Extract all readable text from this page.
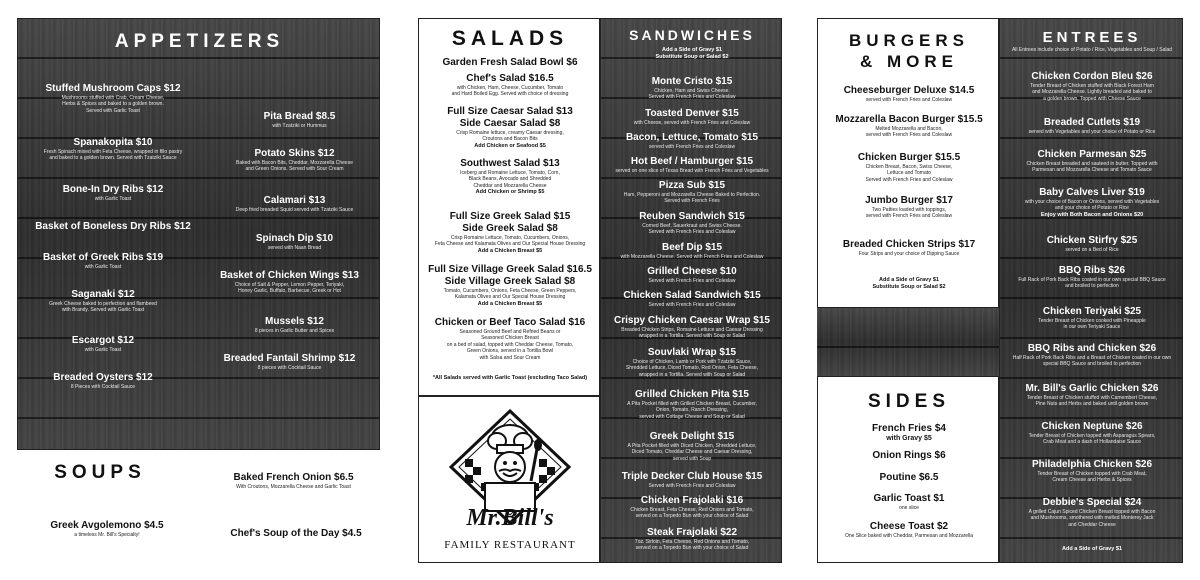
APPETIZERS
Stuffed Mushroom Caps $12
Mushrooms stuffed with Crab, Cream Cheese,
Herbs & Spices and baked to a golden brown.
Served with Garlic Toast
Spanakopita $10
Fresh Spinach mixed with Feta Cheese, wrapped in fillo pastry
and baked to a golden brown. Served with Tzatziki Sauce
Bone-In Dry Ribs $12
with Garlic Toast
Basket of Boneless Dry Ribs $12
Basket of Greek Ribs $19
with Garlic Toast
Saganaki $12
Greek Cheese baked to perfection and flambeed
with Brandy. Served with Garlic Toast
Escargot $12
with Garlic Toast
Breaded Oysters $12
8 Pieces with Cocktail Sauce
Pita Bread $8.5
with Tzatziki or Hummus
Potato Skins $12
Baked with Bacon Bits, Cheddar, Mozzarella Cheese
and Green Onions. Served with Sour Cream
Calamari $13
Deep fried breaded Squid served with Tzatziki Sauce
Spinach Dip $10
served with Naan Bread
Basket of Chicken Wings $13
Choice of Salt & Pepper, Lemon Pepper, Teriyaki,
Honey Garlic, Buffalo, Barbecue, Greek or Hot
Mussels $12
8 pieces in Garlic Butter and Spices
Breaded Fantail Shrimp $12
8 pieces with Cocktail Sauce
SOUPS	Baked French Onion $6.5
With Croutons, Mozzarella Cheese and Garlic Toast
Greek Avgolemono $4.5
a timeless Mr. Bill's Specialty!	Chef's Soup of the Day $4.5
SALADS
Garden Fresh Salad Bowl $6
Chef's Salad $16.5
with Chicken, Ham, Cheese, Cucumber, Tomato
and Hard Boiled Egg. Served with choice of dressing
Full Size Caesar Salad $13
Side Caesar Salad $8
Crisp Romaine lettuce, creamy Caesar dressing,
Croutons and Bacon Bits
Add Chicken or Seafood $5
Southwest Salad $13
Iceberg and Romaine Lettuce, Tomato, Corn,
Black Beans, Avocado and Shredded
Cheddar and Mozzarella Cheese
Add Chicken or Shrimp $5
Full Size Greek Salad $15
Side Greek Salad $8
Crisp Romaine Lettuce, Tomato, Cucumbers, Onions,
Feta Cheese and Kalamata Olives and Our Special House Dressing
Add a Chicken Breast $5
Full Size Village Greek Salad $16.5
Side Village Greek Salad $8
Tomato, Cucumbers, Onions, Feta Cheese, Green Peppers,
Kalamata Olives and Our Special House Dressing
Add a Chicken Breast $5
Chicken or Beef Taco Salad $16
Seasoned Ground Beef and Refried Beans or
Seasoned Chicken Breast
on a bed of salad, topped with Cheddar Cheese, Tomato,
Green Onions, served in a Tortilla Bowl
with Salsa and Sour Cream
*All Salads served with Garlic Toast (excluding Taco Salad)
Mr.Bill's
FAMILY RESTAURANT
SANDWICHES
Add a Side of Gravy $1
Substitute Soup or Salad $2
Monte Cristo $15
Chicken, Ham and Swiss Cheese.
Served with French Fries and Coleslaw
Toasted Denver $15
with Cheese, served with French Fries and Coleslaw
Bacon, Lettuce, Tomato $15
served with French Fries and Coleslaw
Hot Beef / Hamburger $15
served on one slice of Texas Bread with French Fries and Vegetables
Pizza Sub $15
Ham, Pepperoni and Mozzarella Cheese Baked to Perfection.
Served with French Fries
Reuben Sandwich $15
Corned Beef, Sauerkraut and Swiss Cheese.
Served with French Fries and Coleslaw
Beef Dip $15
with Mozzarella Cheese. Served with French Fries and Coleslaw
Grilled Cheese $10
Served with French Fries and Coleslaw
Chicken Salad Sandwich $15
Served with French Fries and Coleslaw
Crispy Chicken Caesar Wrap $15
Breaded Chicken Strips, Romaine Lettuce and Caesar Dressing
wrapped in a Tortilla. Served with Soup or Salad
Souvlaki Wrap $15
Choice of Chicken, Lamb or Pork with Tzatziki Sauce,
Shredded Lettuce, Diced Tomato, Red Onion, Feta Cheese,
wrapped in a Tortilla. Served with Soup or Salad
Grilled Chicken Pita $15
A Pita Pocket filled with Grilled Chicken Breast, Cucumber,
Onion, Tomato, Ranch Dressing,
served with Cottage Cheese and Soup or Salad
Greek Delight $15
A Pita Pocket filled with Diced Chicken, Shredded Lettuce,
Diced Tomato, Cheddar Cheese and Caesar Dressing,
served with Soup
Triple Decker Club House $15
Served with French Fries and Coleslaw
Chicken Frajolaki $16
Chicken Breast, Feta Cheese, Red Onions and Tomato,
served on a Torpedo Bun with your choice of Salad
Steak Frajolaki $22
7oz. Sirloin, Feta Cheese, Red Onions and Tomato,
served on a Torpedo Bun with your choice of Salad
BURGERS
& MORE
Cheeseburger Deluxe $14.5
served with French Fries and Coleslaw
Mozzarella Bacon Burger $15.5
Melted Mozzarella and Bacon,
served with French Fries and Coleslaw
Chicken Burger $15.5
Chicken Breast, Bacon, Swiss Cheese,
Lettuce and Tomato
Served with French Fries and Coleslaw
Jumbo Burger $17
Two Patties loaded with toppings,
served with French Fries and Coleslaw
Breaded Chicken Strips $17
Four Strips and your choice of Dipping Sauce
Add a Side of Gravy $1
Substitute Soup or Salad $2
SIDES
French Fries $4
with Gravy $5
Onion Rings $6
Poutine $6.5
Garlic Toast $1
one slice
Cheese Toast $2
One Slice baked with Cheddar, Parmesan and Mozzarella
ENTREES
All Entrees include choice of Potato / Rice, Vegetables and Soup / Salad
Chicken Cordon Bleu $26
Tender Breast of Chicken stuffed with Black Forest Ham
and Mozzarella Cheese. Lightly breaded and baked to
a golden brown. Topped with Cheese Sauce
Breaded Cutlets $19
served with Vegetables and your choice of Potato or Rice
Chicken Parmesan $25
Chicken Breast breaded and sauteed in butter. Topped with
Parmesan and Mozzarella Cheese and Tomato Sauce
Baby Calves Liver $19
with your choice of Bacon or Onions, served with Vegetables
and your choice of Potato or Rice
Enjoy with Both Bacon and Onions $20
Chicken Stirfry $25
served on a Bed of Rice
BBQ Ribs $26
Full Rack of Pork Back Ribs coated in our own special BBQ Sauce
and broiled to perfection
Chicken Teriyaki $25
Tender Breast of Chicken cooked with Pineapple
in our own Teriyaki Sauce
BBQ Ribs and Chicken $26
Half Rack of Pork Back Ribs and a Breast of Chicken coated in our own
special BBQ Sauce and broiled to perfection
Mr. Bill's Garlic Chicken $26
Tender Breast of Chicken stuffed with Camembert Cheese,
Pine Nuts and Herbs and baked until golden brown
Chicken Neptune $26
Tender Breast of Chicken topped with Asparagus Spears,
Crab Meat and a dash of Hollandaise Sauce
Philadelphia Chicken $26
Tender Breast of Chicken topped with Crab Meat,
Cream Cheese and Herbs & Spices
Debbie's Special $24
A grilled Cajun Spiced Chicken Breast topped with Bacon
and Mushrooms, smothered with melted Monterey Jack
and Cheddar Cheese
Add a Side of Gravy $1
